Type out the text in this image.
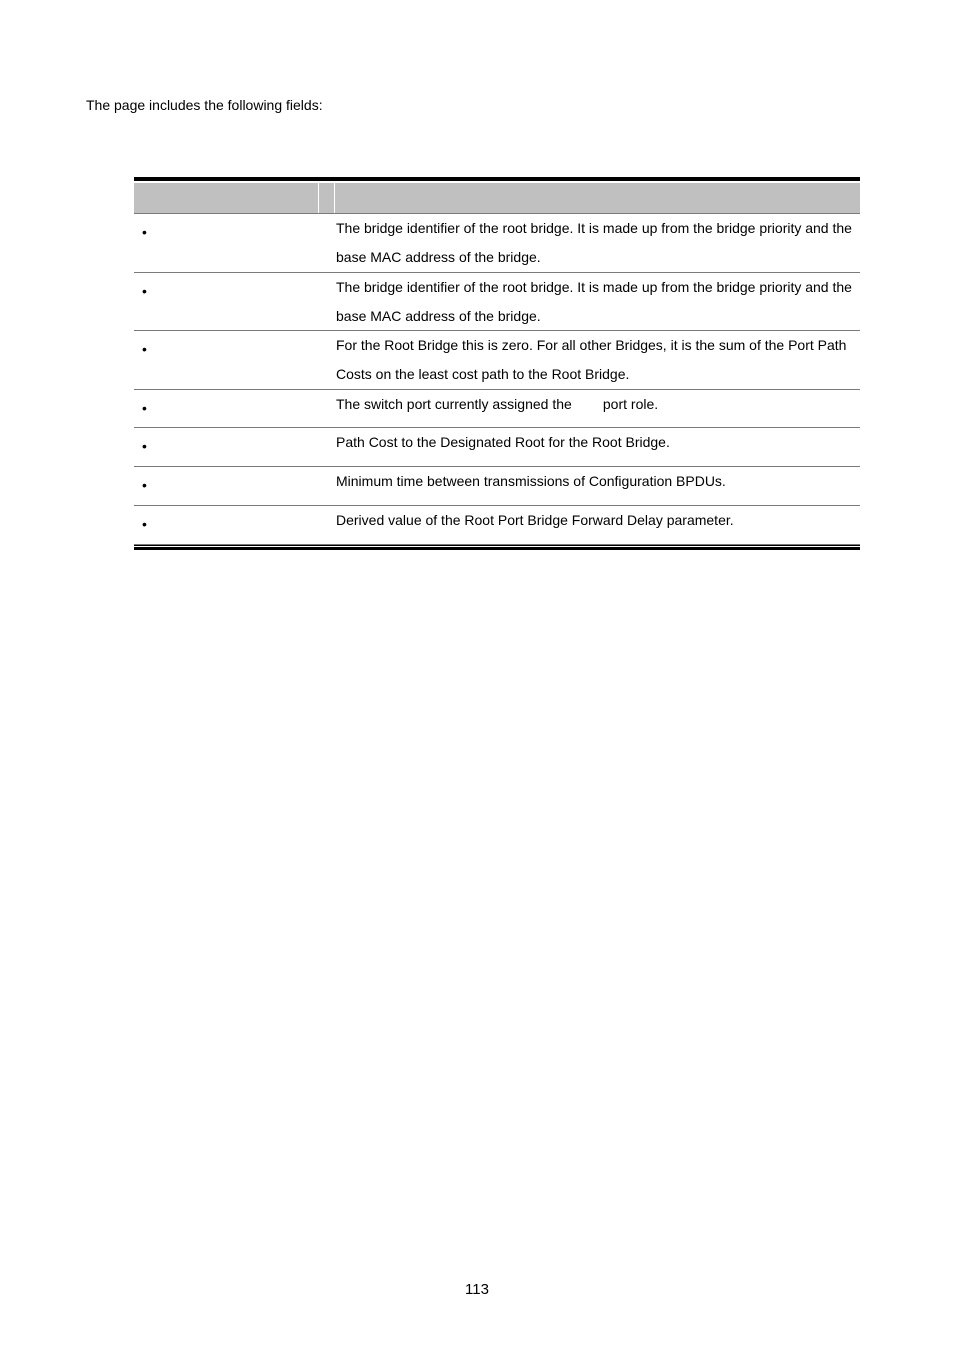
The page includes the following fields:

•	The bridge identifier of the root bridge. It is made up from the bridge priority and the base MAC address of the bridge.
•	The bridge identifier of the root bridge. It is made up from the bridge priority and the base MAC address of the bridge.
•	For the Root Bridge this is zero. For all other Bridges, it is the sum of the Port Path Costs on the least cost path to the Root Bridge.
•	The switch port currently assigned the        port role.
•	Path Cost to the Designated Root for the Root Bridge.
•	Minimum time between transmissions of Configuration BPDUs.
•	Derived value of the Root Port Bridge Forward Delay parameter.
113
